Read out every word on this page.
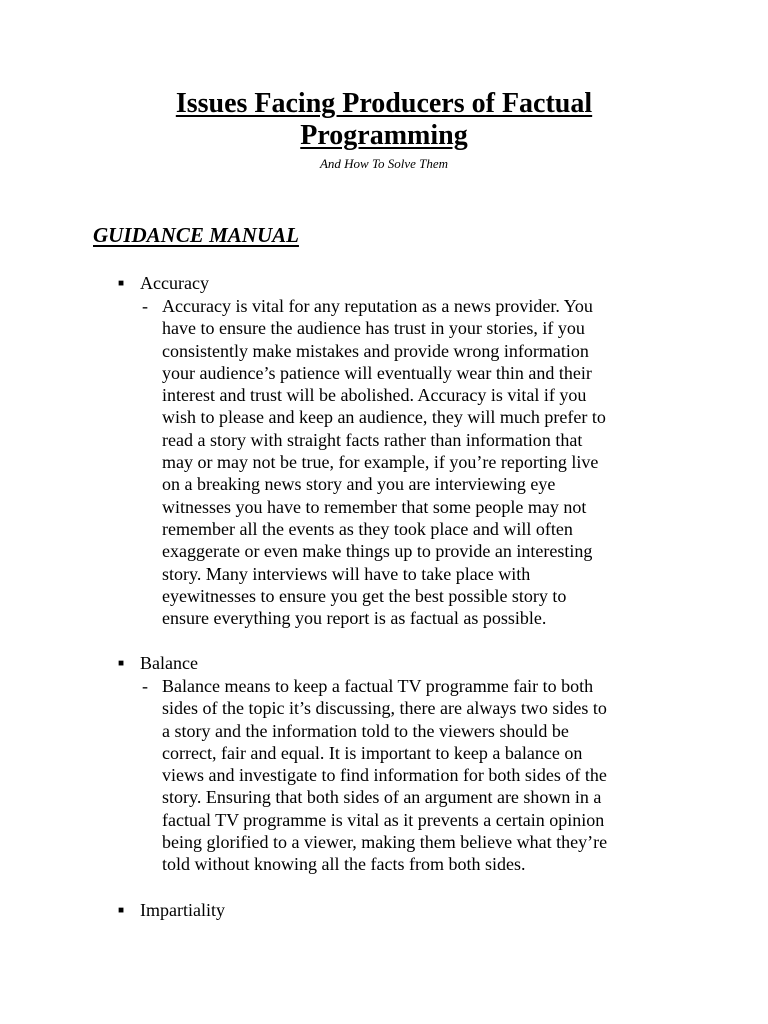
Issues Facing Producers of Factual
Programming
And How To Solve Them
GUIDANCE MANUAL
■ Accuracy
- Accuracy is vital for any reputation as a news provider. You
have to ensure the audience has trust in your stories, if you
consistently make mistakes and provide wrong information
your audience’s patience will eventually wear thin and their
interest and trust will be abolished. Accuracy is vital if you
wish to please and keep an audience, they will much prefer to
read a story with straight facts rather than information that
may or may not be true, for example, if you’re reporting live
on a breaking news story and you are interviewing eye
witnesses you have to remember that some people may not
remember all the events as they took place and will often
exaggerate or even make things up to provide an interesting
story. Many interviews will have to take place with
eyewitnesses to ensure you get the best possible story to
ensure everything you report is as factual as possible.
■ Balance
- Balance means to keep a factual TV programme fair to both
sides of the topic it’s discussing, there are always two sides to
a story and the information told to the viewers should be
correct, fair and equal. It is important to keep a balance on
views and investigate to find information for both sides of the
story. Ensuring that both sides of an argument are shown in a
factual TV programme is vital as it prevents a certain opinion
being glorified to a viewer, making them believe what they’re
told without knowing all the facts from both sides.
■ Impartiality
